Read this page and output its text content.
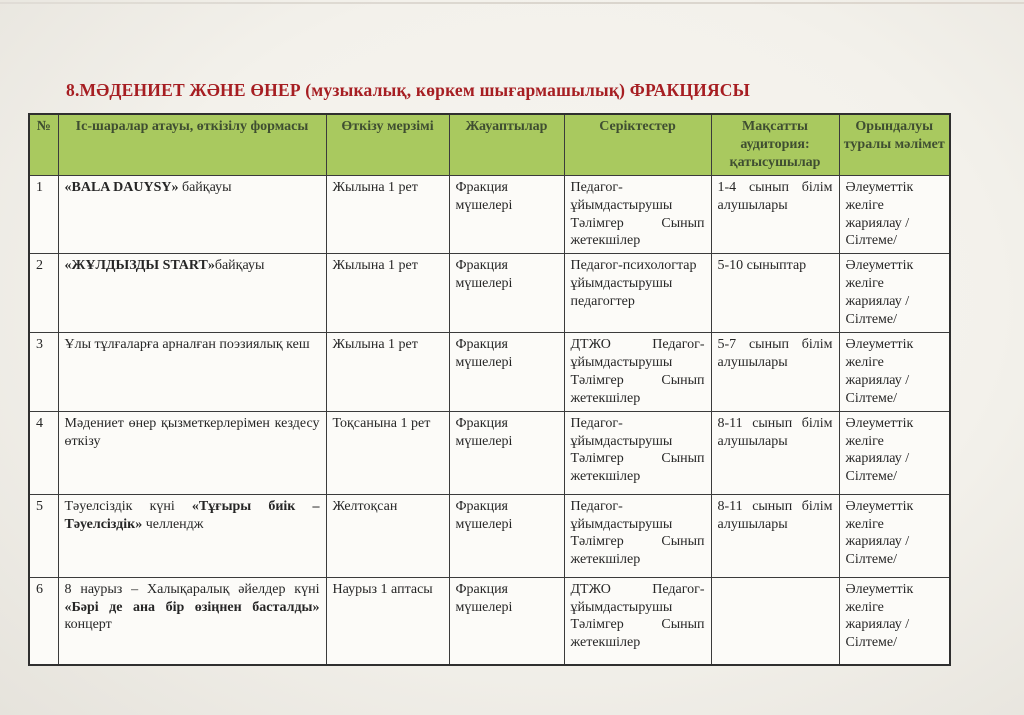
8.МӘДЕНИЕТ ЖӘНЕ ӨНЕР (музыкалық, көркем шығармашылық) ФРАКЦИЯСЫ
№	Іс-шаралар атауы, өткізілу формасы	Өткізу мерзімі	Жауаптылар	Серіктестер	Мақсатты аудитория: қатысушылар	Орындалуы туралы мәлімет
1	«BALA DAUYSY» байқауы	Жылына 1 рет	Фракция мүшелері	Педагог-ұйымдастырушы Тәлімгер Сынып жетекшілер	1-4 сынып білім алушылары	Әлеуметтік желіге жариялау /Сілтеме/
2	«ЖҰЛДЫЗДЫ START»байқауы	Жылына 1 рет	Фракция мүшелері	Педагог-психологтар ұйымдастырушы педагогтер	5-10 сыныптар	Әлеуметтік желіге жариялау /Сілтеме/
3	Ұлы тұлғаларға арналған поэзиялық кеш	Жылына 1 рет	Фракция мүшелері	ДТЖО Педагог-ұйымдастырушы Тәлімгер Сынып жетекшілер	5-7 сынып білім алушылары	Әлеуметтік желіге жариялау /Сілтеме/
4	Мәдениет өнер қызметкерлерімен кездесу өткізу	Тоқсанына 1 рет	Фракция мүшелері	Педагог-ұйымдастырушы Тәлімгер Сынып жетекшілер	8-11 сынып білім алушылары	Әлеуметтік желіге жариялау /Сілтеме/
5	Тәуелсіздік күні «Тұғыры биік – Тәуелсіздік» челлендж	Желтоқсан	Фракция мүшелері	Педагог-ұйымдастырушы Тәлімгер Сынып жетекшілер	8-11 сынып білім алушылары	Әлеуметтік желіге жариялау /Сілтеме/
6	8 наурыз – Халықаралық әйелдер күні «Бәрі де ана бір өзіңнен басталды» концерт	Наурыз 1 аптасы	Фракция мүшелері	ДТЖО Педагог-ұйымдастырушы Тәлімгер Сынып жетекшілер		Әлеуметтік желіге жариялау /Сілтеме/
